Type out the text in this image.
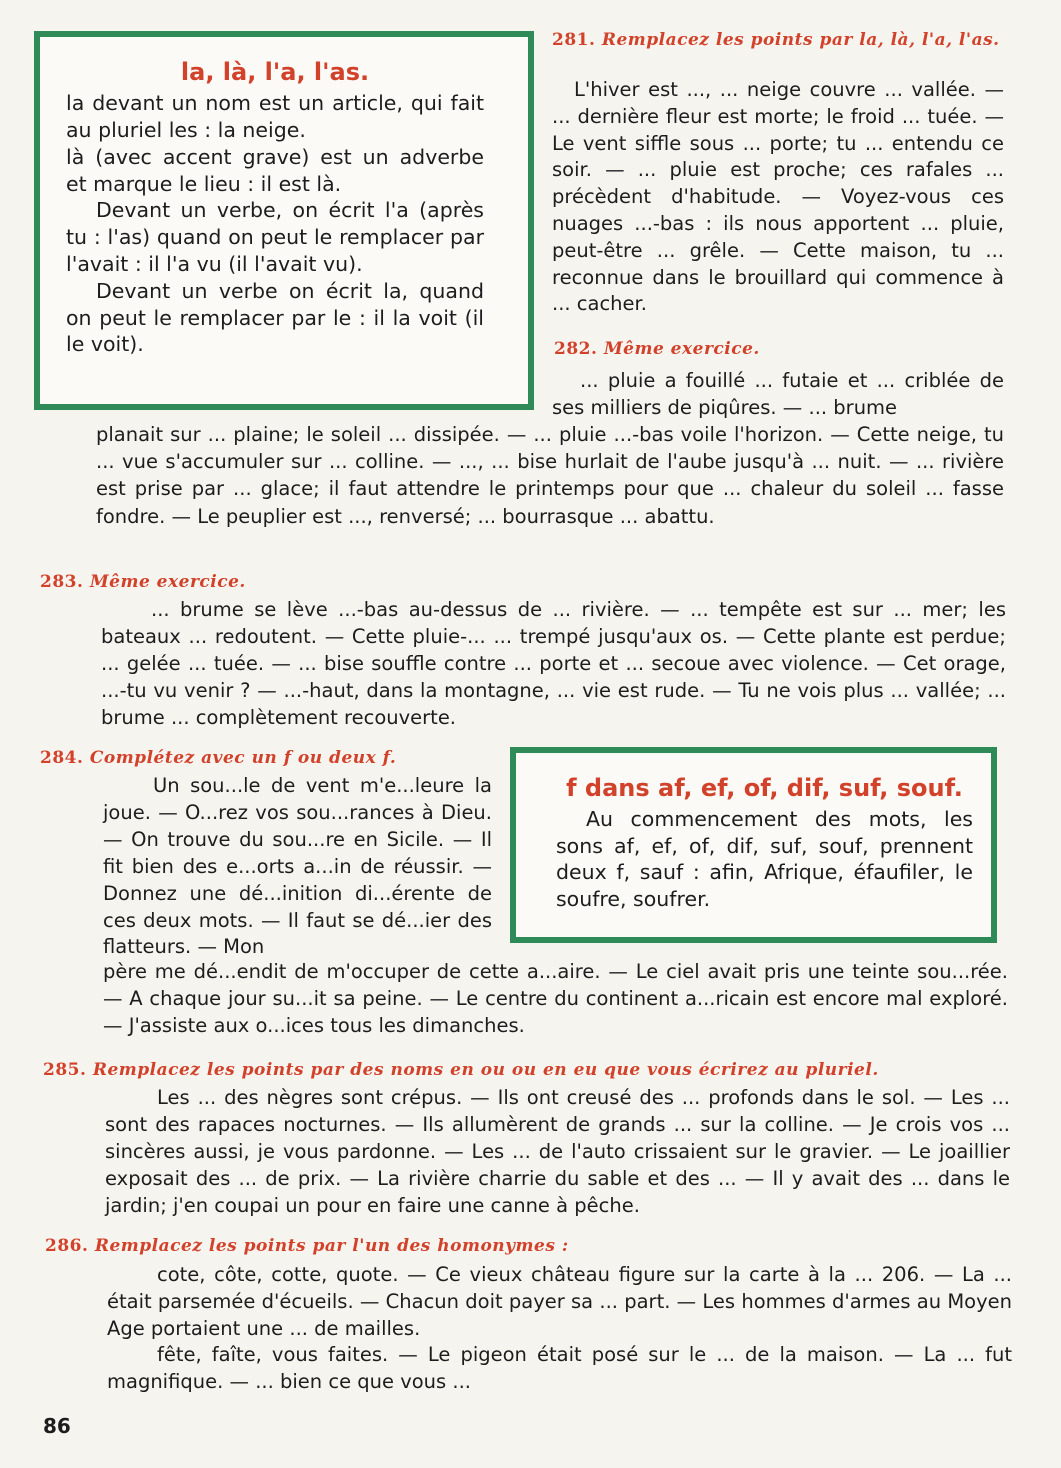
la, là, l'a, l'as.

la devant un nom est un article, qui fait au pluriel les : la neige.

là (avec accent grave) est un adverbe et marque le lieu : il est là.

Devant un verbe, on écrit l'a (après tu : l'as) quand on peut le remplacer par l'avait : il l'a vu (il l'avait vu).

Devant un verbe on écrit la, quand on peut le remplacer par le : il la voit (il le voit).

281. Remplacez les points par la, là, l'a, l'as.

L'hiver est ..., ... neige couvre ... vallée. — ... dernière fleur est morte; le froid ... tuée. — Le vent siffle sous ... porte; tu ... entendu ce soir. — ... pluie est proche; ces rafales ... précèdent d'habitude. — Voyez-vous ces nuages ...-bas : ils nous apportent ... pluie, peut-être ... grêle. — Cette maison, tu ... reconnue dans le brouillard qui commence à ... cacher.

282. Même exercice.

... pluie a fouillé ... futaie et ... criblée de ses milliers de piqûres. — ... brume

planait sur ... plaine; le soleil ... dissipée. — ... pluie ...-bas voile l'horizon. — Cette neige, tu ... vue s'accumuler sur ... colline. — ..., ... bise hurlait de l'aube jusqu'à ... nuit. — ... rivière est prise par ... glace; il faut attendre le printemps pour que ... chaleur du soleil ... fasse fondre. — Le peuplier est ..., renversé; ... bourrasque ... abattu.

283. Même exercice.

... brume se lève ...-bas au-dessus de ... rivière. — ... tempête est sur ... mer; les bateaux ... redoutent. — Cette pluie-... ... trempé jusqu'aux os. — Cette plante est perdue; ... gelée ... tuée. — ... bise souffle contre ... porte et ... secoue avec violence. — Cet orage, ...-tu vu venir ? — ...-haut, dans la montagne, ... vie est rude. — Tu ne vois plus ... vallée; ... brume ... complètement recouverte.

284. Complétez avec un f ou deux f.

Un sou...le de vent m'e...leure la joue. — O...rez vos sou...rances à Dieu. — On trouve du sou...re en Sicile. — Il fit bien des e...orts a...in de réussir. — Donnez une dé...inition di...érente de ces deux mots. — Il faut se dé...ier des flatteurs. — Mon

f dans af, ef, of, dif, suf, souf.

Au commencement des mots, les sons af, ef, of, dif, suf, souf, prennent deux f, sauf : afin, Afrique, éfaufiler, le soufre, soufrer.

père me dé...endit de m'occuper de cette a...aire. — Le ciel avait pris une teinte sou...rée. — A chaque jour su...it sa peine. — Le centre du continent a...ricain est encore mal exploré. — J'assiste aux o...ices tous les dimanches.

285. Remplacez les points par des noms en ou ou en eu que vous écrirez au pluriel.

Les ... des nègres sont crépus. — Ils ont creusé des ... profonds dans le sol. — Les ... sont des rapaces nocturnes. — Ils allumèrent de grands ... sur la colline. — Je crois vos ... sincères aussi, je vous pardonne. — Les ... de l'auto crissaient sur le gravier. — Le joaillier exposait des ... de prix. — La rivière charrie du sable et des ... — Il y avait des ... dans le jardin; j'en coupai un pour en faire une canne à pêche.

286. Remplacez les points par l'un des homonymes :

cote, côte, cotte, quote. — Ce vieux château figure sur la carte à la ... 206. — La ... était parsemée d'écueils. — Chacun doit payer sa ... part. — Les hommes d'armes au Moyen Age portaient une ... de mailles.

fête, faîte, vous faites. — Le pigeon était posé sur le ... de la maison. — La ... fut magnifique. — ... bien ce que vous ...

86
